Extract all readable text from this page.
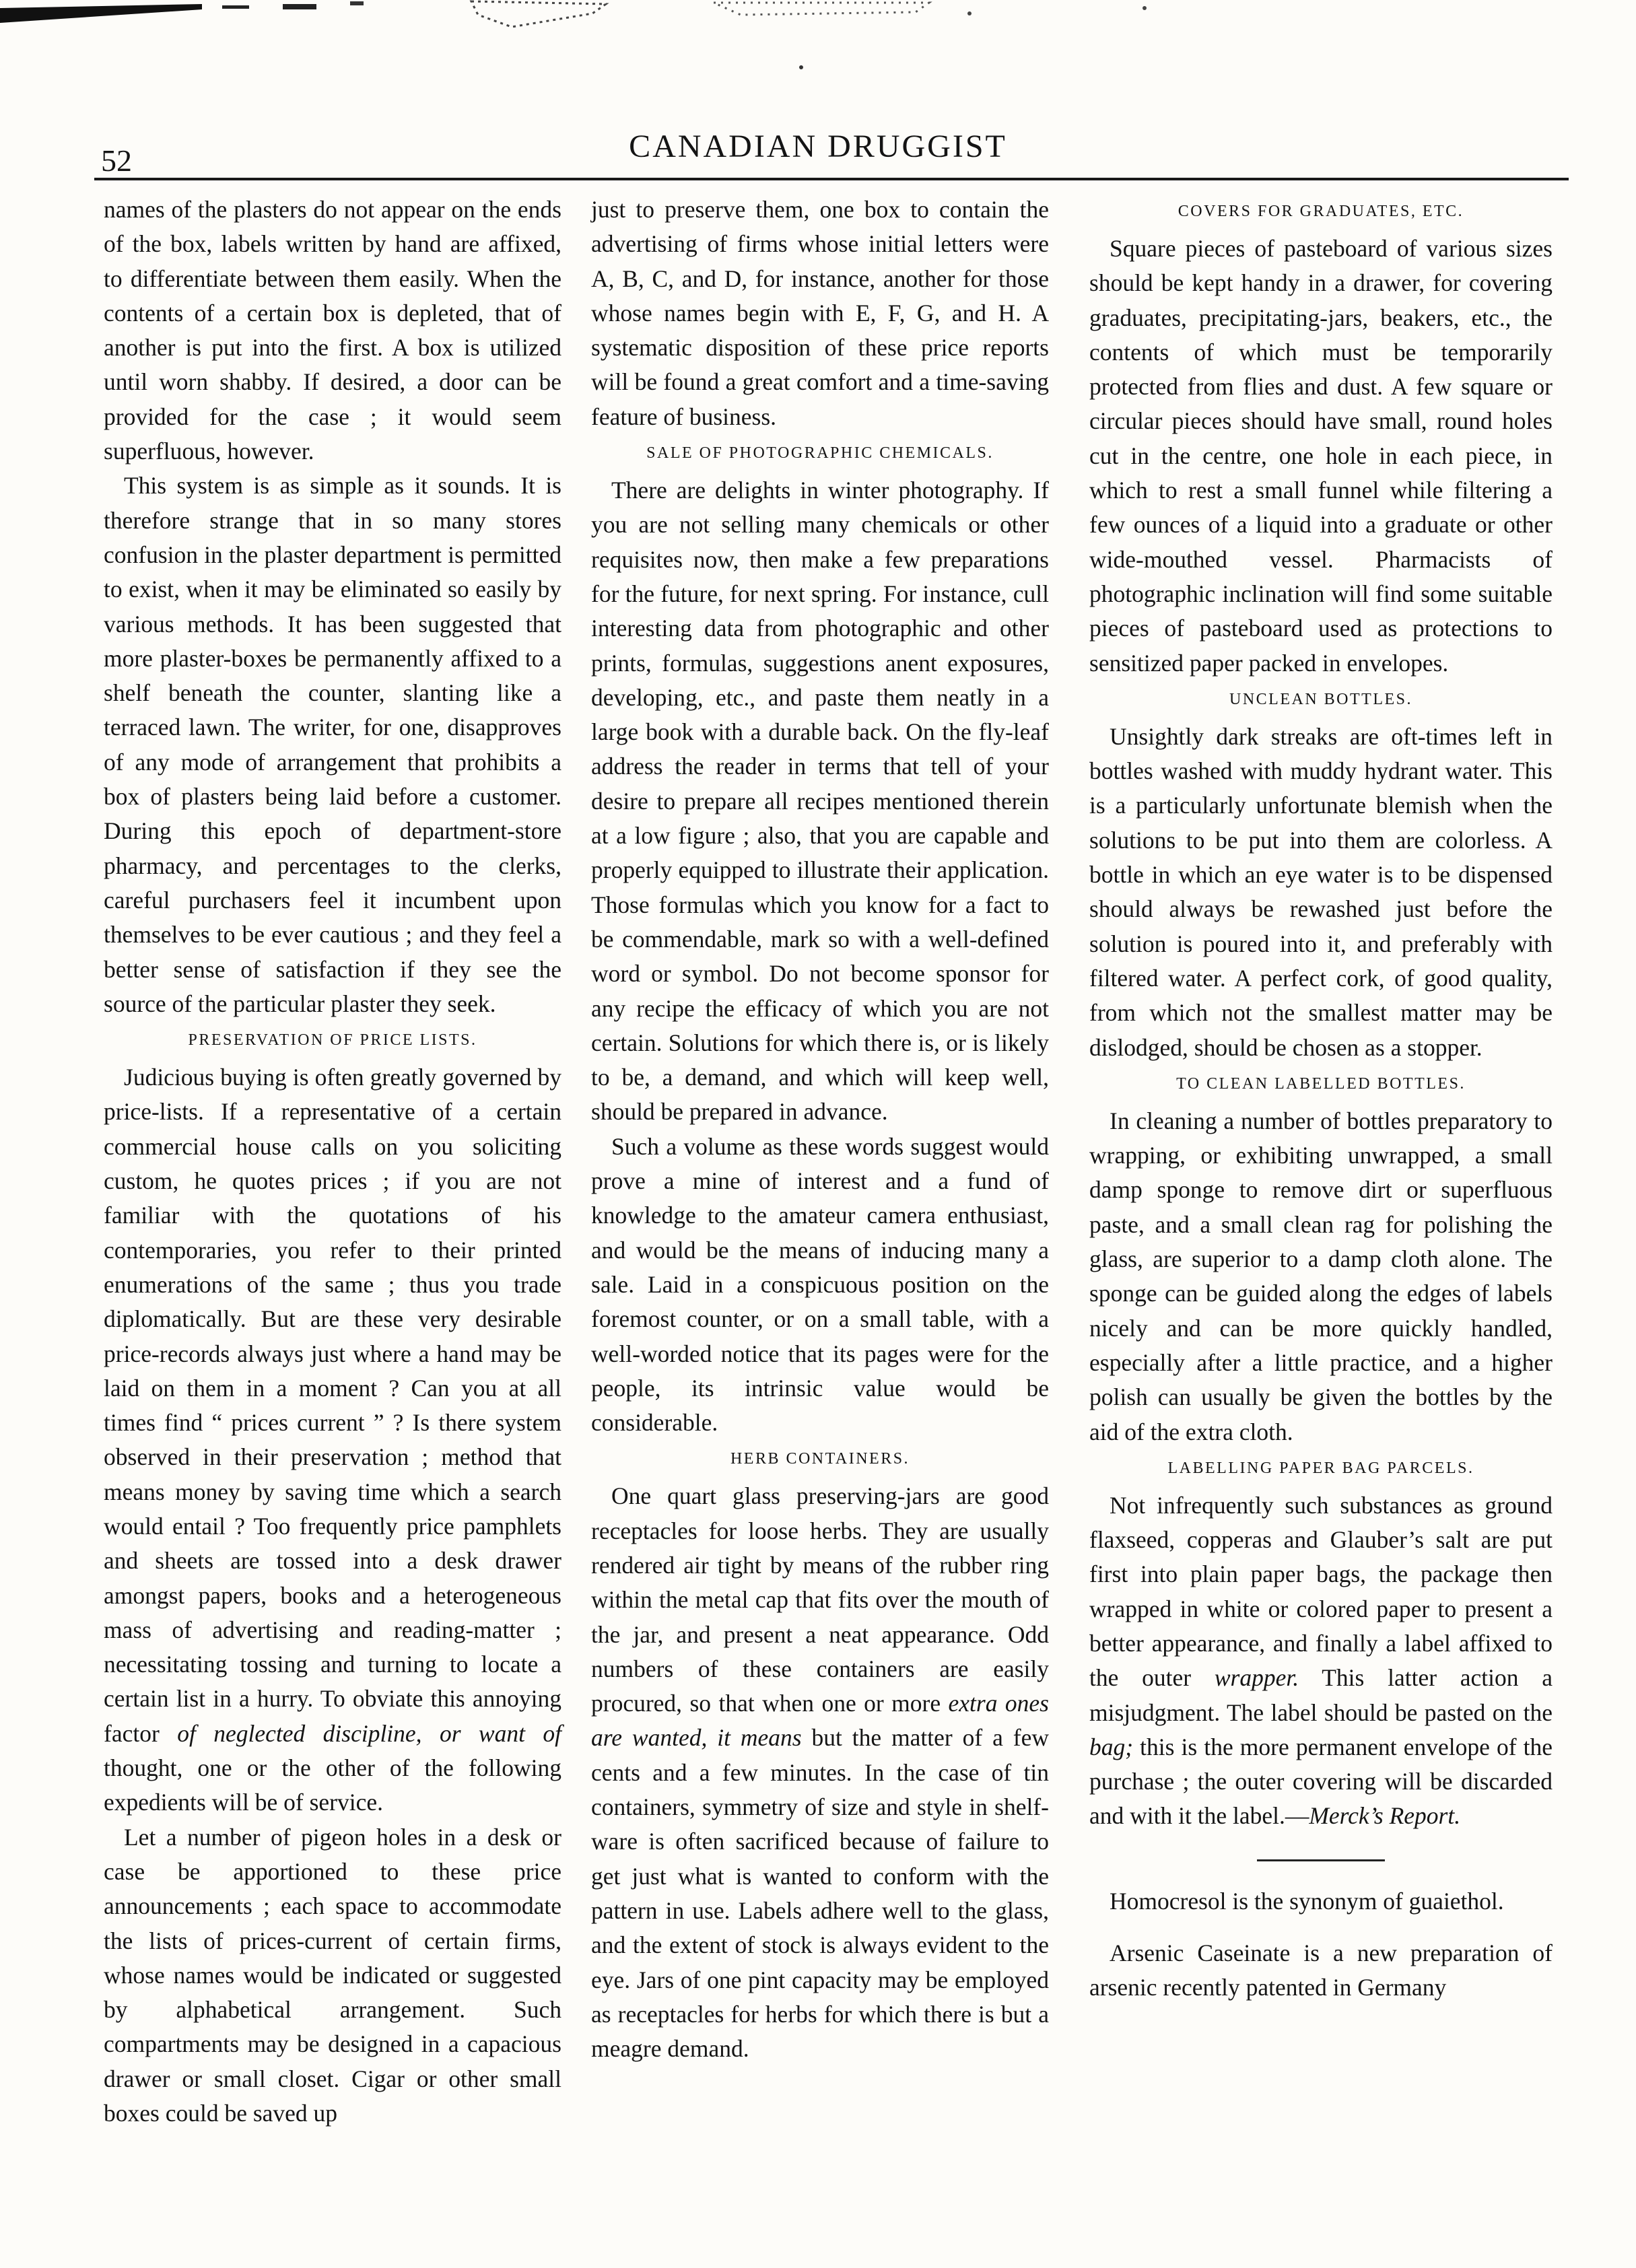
52	CANADIAN DRUGGIST

names of the plasters do not appear on the ends of the box, labels written by hand are affixed, to differentiate between them easily. When the contents of a certain box is depleted, that of another is put into the first. A box is utilized until worn shabby. If desired, a door can be provided for the case ; it would seem superfluous, however.

This system is as simple as it sounds. It is therefore strange that in so many stores confusion in the plaster department is permitted to exist, when it may be eliminated so easily by various methods. It has been suggested that more plaster-boxes be permanently affixed to a shelf beneath the counter, slanting like a terraced lawn. The writer, for one, disapproves of any mode of arrangement that prohibits a box of plasters being laid before a customer. During this epoch of department-store pharmacy, and percentages to the clerks, careful purchasers feel it incumbent upon themselves to be ever cautious ; and they feel a better sense of satisfaction if they see the source of the particular plaster they seek.

PRESERVATION OF PRICE LISTS.

Judicious buying is often greatly governed by price-lists. If a representative of a certain commercial house calls on you soliciting custom, he quotes prices ; if you are not familiar with the quotations of his contemporaries, you refer to their printed enumerations of the same ; thus you trade diplomatically. But are these very desirable price-records always just where a hand may be laid on them in a moment ? Can you at all times find “ prices current ” ? Is there system observed in their preservation ; method that means money by saving time which a search would entail ? Too frequently price pamphlets and sheets are tossed into a desk drawer amongst papers, books and a heterogeneous mass of advertising and reading-matter ; necessitating tossing and turning to locate a certain list in a hurry. To obviate this annoying factor of neglected discipline, or want of thought, one or the other of the following expedients will be of service.

Let a number of pigeon holes in a desk or case be apportioned to these price announcements ; each space to accommodate the lists of prices-current of certain firms, whose names would be indicated or suggested by alphabetical arrangement. Such compartments may be designed in a capacious drawer or small closet. Cigar or other small boxes could be saved up

just to preserve them, one box to contain the advertising of firms whose initial letters were A, B, C, and D, for instance, another for those whose names begin with E, F, G, and H. A systematic disposition of these price reports will be found a great comfort and a time-saving feature of business.

SALE OF PHOTOGRAPHIC CHEMICALS.

There are delights in winter photography. If you are not selling many chemicals or other requisites now, then make a few preparations for the future, for next spring. For instance, cull interesting data from photographic and other prints, formulas, suggestions anent exposures, developing, etc., and paste them neatly in a large book with a durable back. On the fly-leaf address the reader in terms that tell of your desire to prepare all recipes mentioned therein at a low figure ; also, that you are capable and properly equipped to illustrate their application. Those formulas which you know for a fact to be commendable, mark so with a well-defined word or symbol. Do not become sponsor for any recipe the efficacy of which you are not certain. Solutions for which there is, or is likely to be, a demand, and which will keep well, should be prepared in advance.

Such a volume as these words suggest would prove a mine of interest and a fund of knowledge to the amateur camera enthusiast, and would be the means of inducing many a sale. Laid in a conspicuous position on the foremost counter, or on a small table, with a well-worded notice that its pages were for the people, its intrinsic value would be considerable.

HERB CONTAINERS.

One quart glass preserving-jars are good receptacles for loose herbs. They are usually rendered air tight by means of the rubber ring within the metal cap that fits over the mouth of the jar, and present a neat appearance. Odd numbers of these containers are easily procured, so that when one or more extra ones are wanted, it means but the matter of a few cents and a few minutes. In the case of tin containers, symmetry of size and style in shelf-ware is often sacrificed because of failure to get just what is wanted to conform with the pattern in use. Labels adhere well to the glass, and the extent of stock is always evident to the eye. Jars of one pint capacity may be employed as receptacles for herbs for which there is but a meagre demand.

COVERS FOR GRADUATES, ETC.

Square pieces of pasteboard of various sizes should be kept handy in a drawer, for covering graduates, precipitating-jars, beakers, etc., the contents of which must be temporarily protected from flies and dust. A few square or circular pieces should have small, round holes cut in the centre, one hole in each piece, in which to rest a small funnel while filtering a few ounces of a liquid into a graduate or other wide-mouthed vessel. Pharmacists of photographic inclination will find some suitable pieces of pasteboard used as protections to sensitized paper packed in envelopes.

UNCLEAN BOTTLES.

Unsightly dark streaks are oft-times left in bottles washed with muddy hydrant water. This is a particularly unfortunate blemish when the solutions to be put into them are colorless. A bottle in which an eye water is to be dispensed should always be rewashed just before the solution is poured into it, and preferably with filtered water. A perfect cork, of good quality, from which not the smallest matter may be dislodged, should be chosen as a stopper.

TO CLEAN LABELLED BOTTLES.

In cleaning a number of bottles preparatory to wrapping, or exhibiting unwrapped, a small damp sponge to remove dirt or superfluous paste, and a small clean rag for polishing the glass, are superior to a damp cloth alone. The sponge can be guided along the edges of labels nicely and can be more quickly handled, especially after a little practice, and a higher polish can usually be given the bottles by the aid of the extra cloth.

LABELLING PAPER BAG PARCELS.

Not infrequently such substances as ground flaxseed, copperas and Glauber’s salt are put first into plain paper bags, the package then wrapped in white or colored paper to present a better appearance, and finally a label affixed to the outer wrapper. This latter action a misjudgment. The label should be pasted on the bag; this is the more permanent envelope of the purchase ; the outer covering will be discarded and with it the label.—Merck’s Report.

Homocresol is the synonym of guaiethol.

Arsenic Caseinate is a new preparation of arsenic recently patented in Germany
